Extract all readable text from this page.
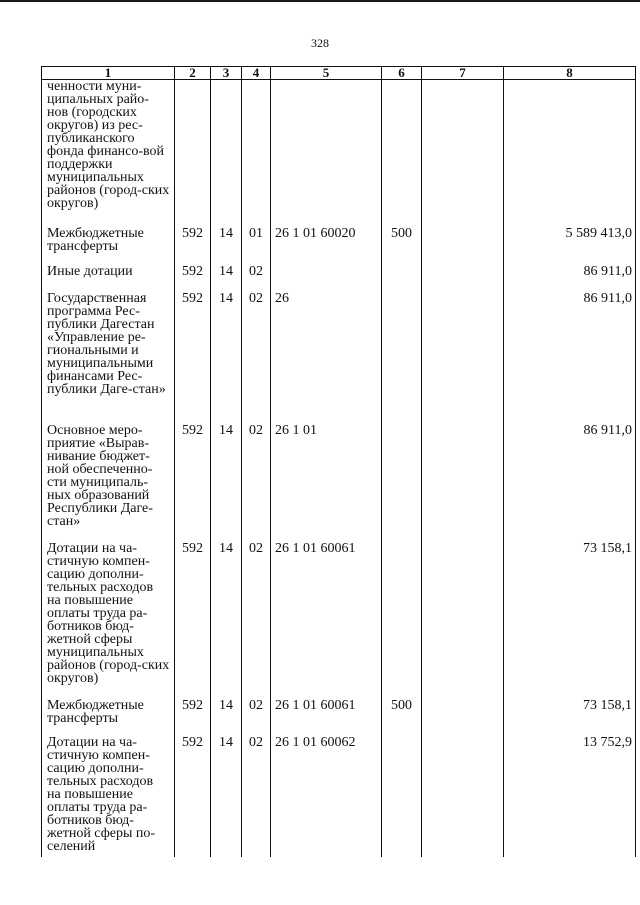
328
1	2	3	4	5	6	7	8
ченности муни-ципальных райо-нов (городских округов) из рес-публиканского фонда финансо-вой поддержки муниципальных районов (город-ских округов)							
Межбюджетные трансферты	592	14	01	26 1 01 60020	500		5 589 413,0
Иные дотации	592	14	02				86 911,0
Государственная программа Рес-публики Дагестан «Управление ре-гиональными и муниципальными финансами Рес-публики Даге-стан»	592	14	02	26			86 911,0
Основное меро-приятие «Вырав-нивание бюджет-ной обеспеченно-сти муниципаль-ных образований Республики Даге-стан»	592	14	02	26 1 01			86 911,0
Дотации на ча-стичную компен-сацию дополни-тельных расходов на повышение оплаты труда ра-ботников бюд-жетной сферы муниципальных районов (город-ских округов)	592	14	02	26 1 01 60061			73 158,1
Межбюджетные трансферты	592	14	02	26 1 01 60061	500		73 158,1
Дотации на ча-стичную компен-сацию дополни-тельных расходов на повышение оплаты труда ра-ботников бюд-жетной сферы по-селений	592	14	02	26 1 01 60062			13 752,9
